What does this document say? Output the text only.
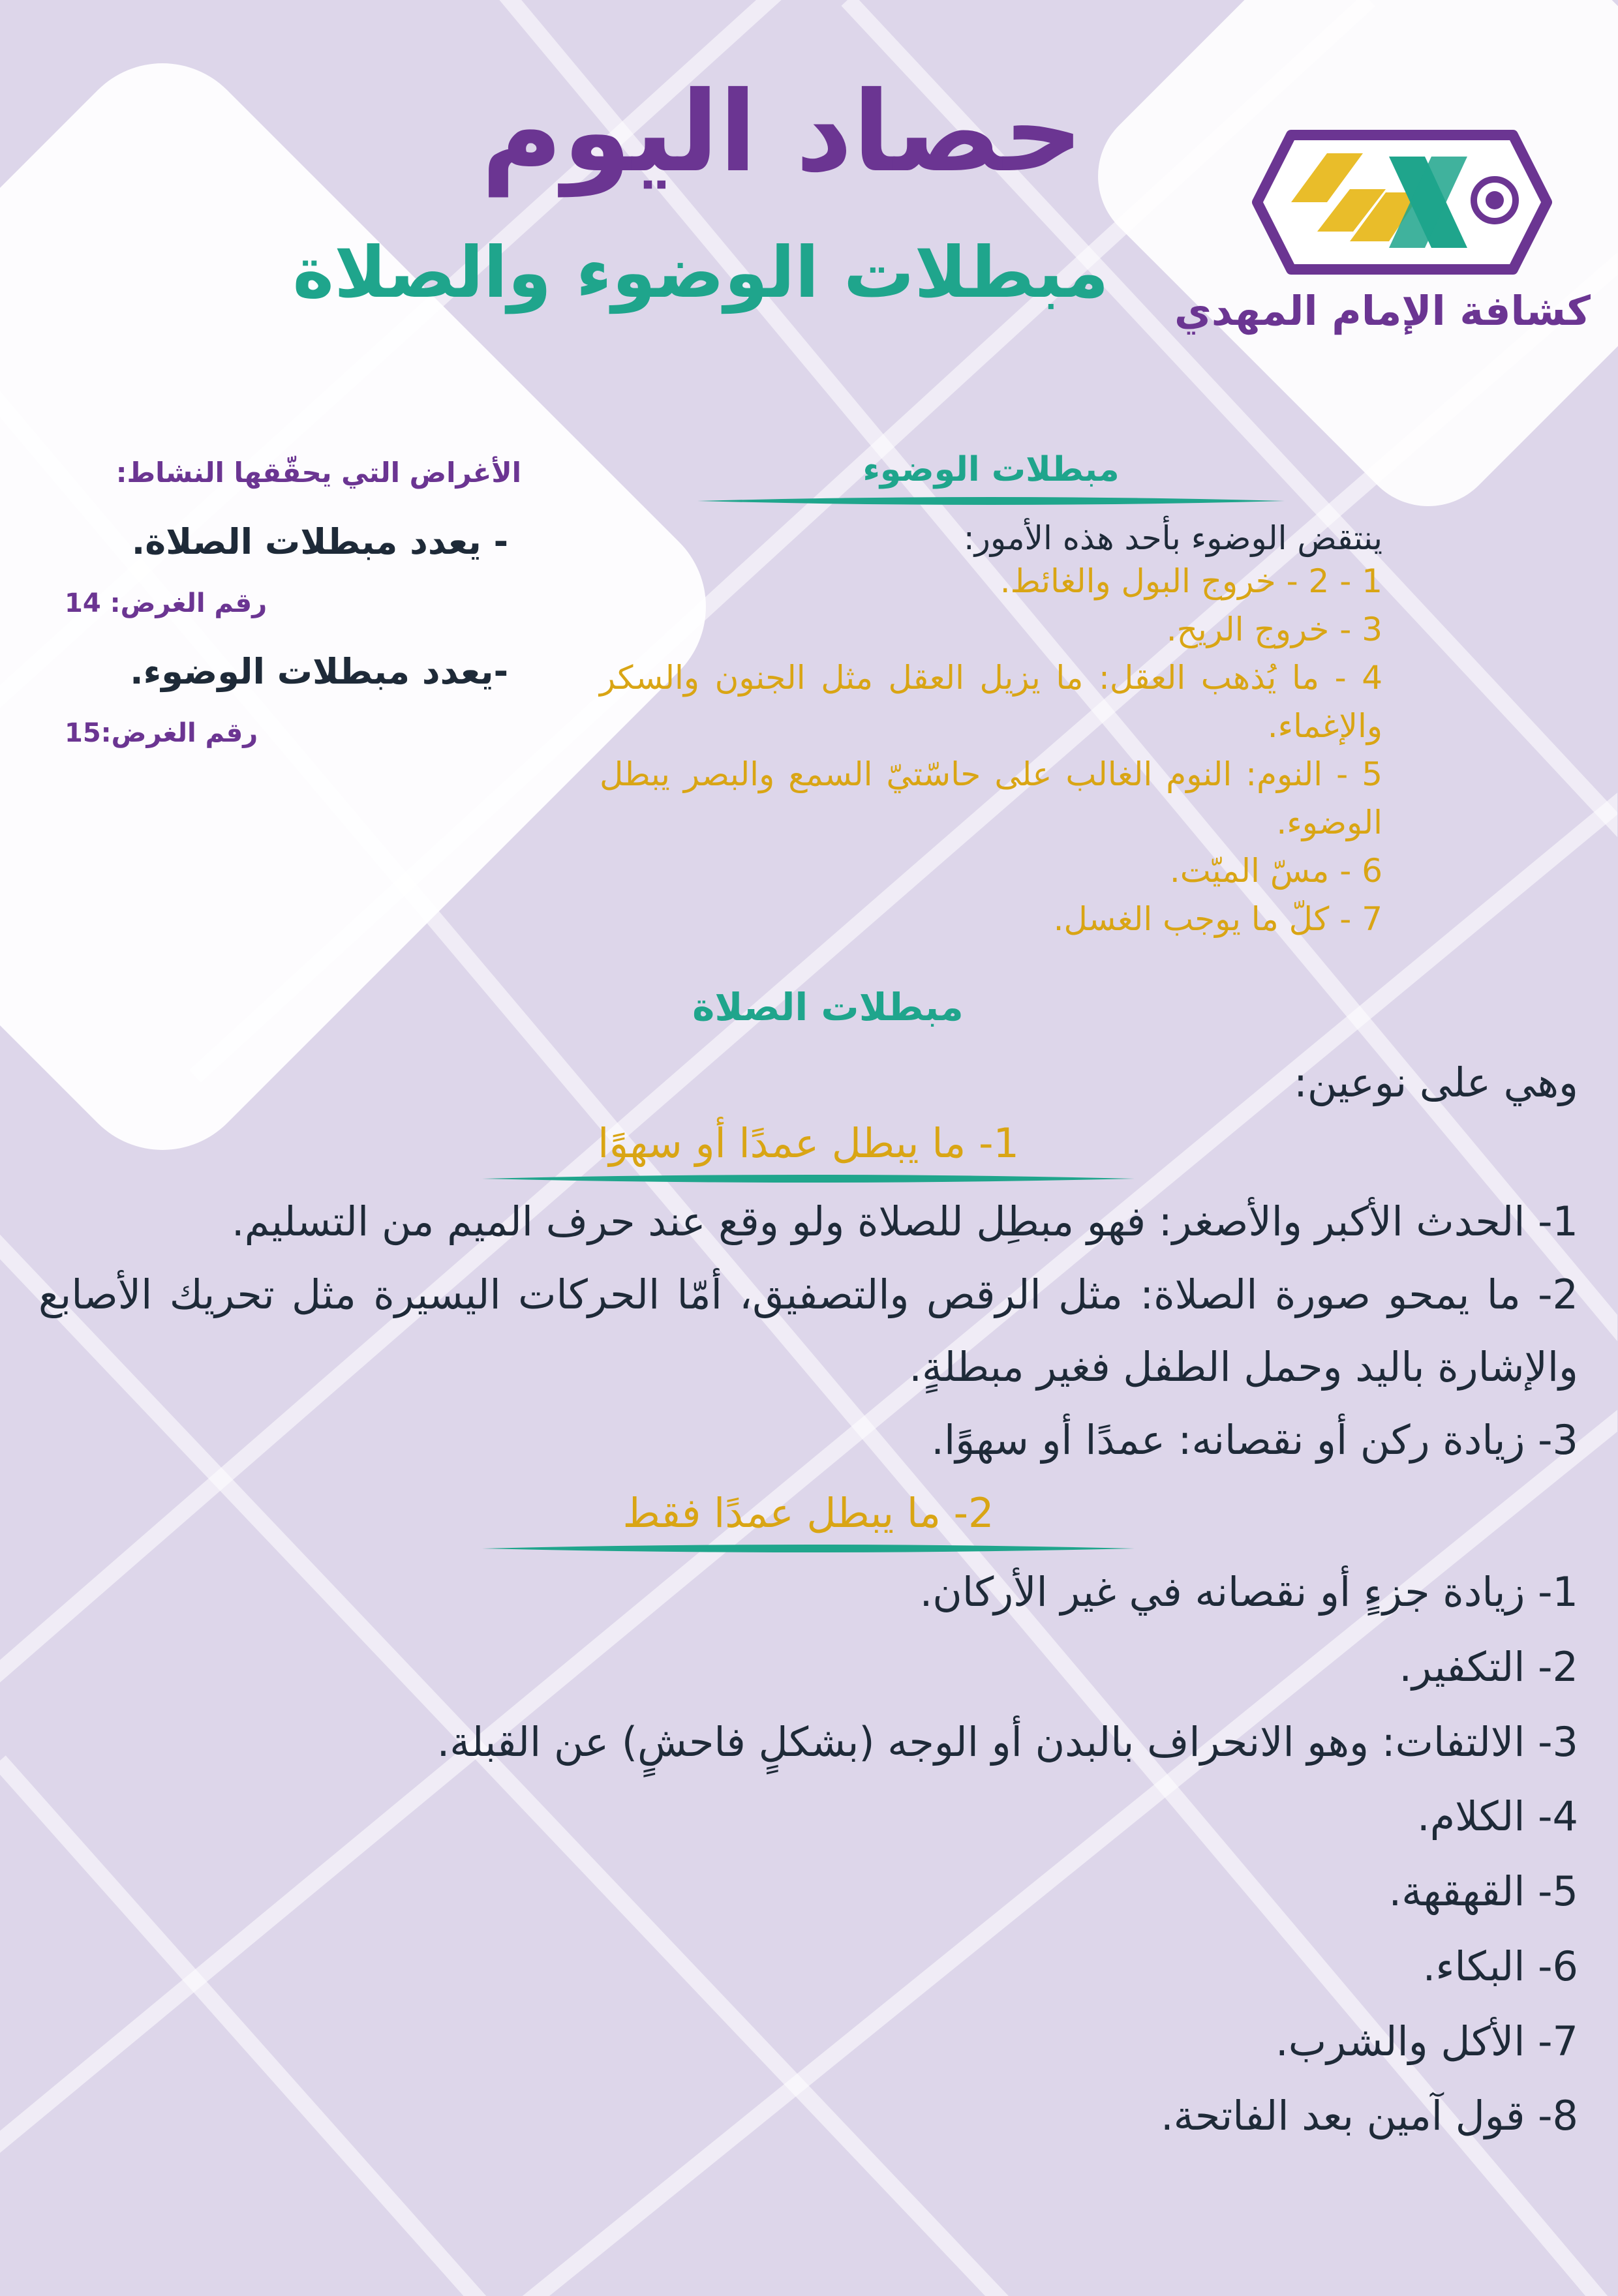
حصاد اليوم
مبطلات الوضوء والصلاة	كشافة الإمام المهدي
الأغراض التي يحقّقها النشاط:
- يعدد مبطلات الصلاة.
رقم الغرض: 14
-يعدد مبطلات الوضوء.
رقم الغرض:15
مبطلات الوضوء
ينتقض الوضوء بأحد هذه الأمور:
1 - 2 - خروج البول والغائط.
3 - خروج الريح.
4 - ما يُذهب العقل: ما يزيل العقل مثل الجنون والسكر والإغماء.
5 - النوم: النوم الغالب على حاسّتيّ السمع والبصر يبطل الوضوء.
6 - مسّ الميّت.
7 - كلّ ما يوجب الغسل.
مبطلات الصلاة
وهي على نوعين:
1- ما يبطل عمدًا أو سهوًا
1- الحدث الأكبر والأصغر: فهو مبطِل للصلاة ولو وقع عند حرف الميم من التسليم.
2- ما يمحو صورة الصلاة: مثل الرقص والتصفيق، أمّا الحركات اليسيرة مثل تحريك الأصابع والإشارة باليد وحمل الطفل فغير مبطلةٍ.
3- زيادة ركن أو نقصانه: عمدًا أو سهوًا.
2- ما يبطل عمدًا فقط
1- زيادة جزءٍ أو نقصانه في غير الأركان.
2- التكفير.
3- الالتفات: وهو الانحراف بالبدن أو الوجه (بشكلٍ فاحشٍ) عن القبلة.
4- الكلام.
5- القهقهة.
6- البكاء.
7- الأكل والشرب.
8- قول آمين بعد الفاتحة.
